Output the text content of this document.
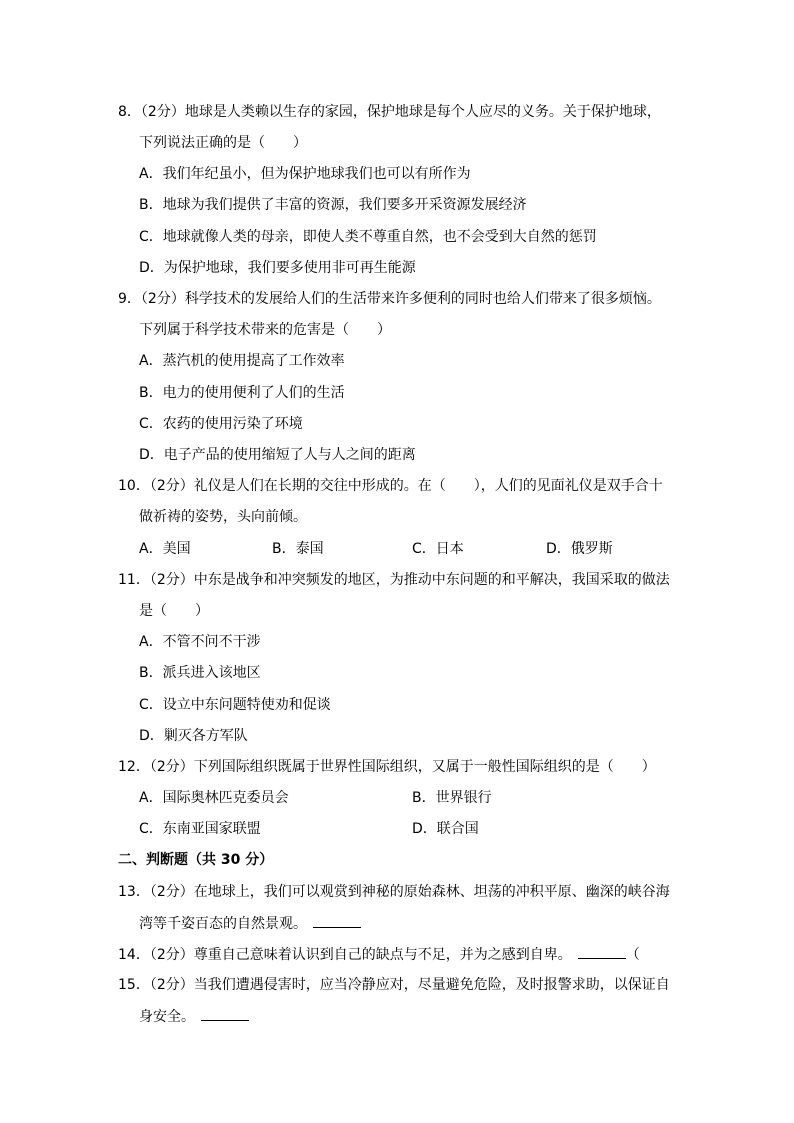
8．（2分）地球是人类赖以生存的家园，保护地球是每个人应尽的义务。关于保护地球，
下列说法正确的是（　　）
A．我们年纪虽小，但为保护地球我们也可以有所作为
B．地球为我们提供了丰富的资源，我们要多开采资源发展经济
C．地球就像人类的母亲，即使人类不尊重自然，也不会受到大自然的惩罚
D．为保护地球，我们要多使用非可再生能源
9．（2分）科学技术的发展给人们的生活带来许多便利的同时也给人们带来了很多烦恼。
下列属于科学技术带来的危害是（　　）
A．蒸汽机的使用提高了工作效率
B．电力的使用便利了人们的生活
C．农药的使用污染了环境
D．电子产品的使用缩短了人与人之间的距离
10．（2分）礼仪是人们在长期的交往中形成的。在（　　），人们的见面礼仪是双手合十
做祈祷的姿势，头向前倾。
A．美国	B．泰国	C．日本	D．俄罗斯
11．（2分）中东是战争和冲突频发的地区，为推动中东问题的和平解决，我国采取的做法
是（　　）
A．不管不问不干涉
B．派兵进入该地区
C．设立中东问题特使劝和促谈
D．剿灭各方军队
12．（2分）下列国际组织既属于世界性国际组织，又属于一般性国际组织的是（　　）
A．国际奥林匹克委员会	B．世界银行
C．东南亚国家联盟	D．联合国
二、判断题（共 30 分）
13．（2分）在地球上，我们可以观赏到神秘的原始森林、坦荡的冲积平原、幽深的峡谷海
湾等千姿百态的自然景观。
14．（2分）尊重自己意味着认识到自己的缺点与不足，并为之感到自卑。	（
15．（2分）当我们遭遇侵害时，应当冷静应对，尽量避免危险，及时报警求助，以保证自
身安全。
